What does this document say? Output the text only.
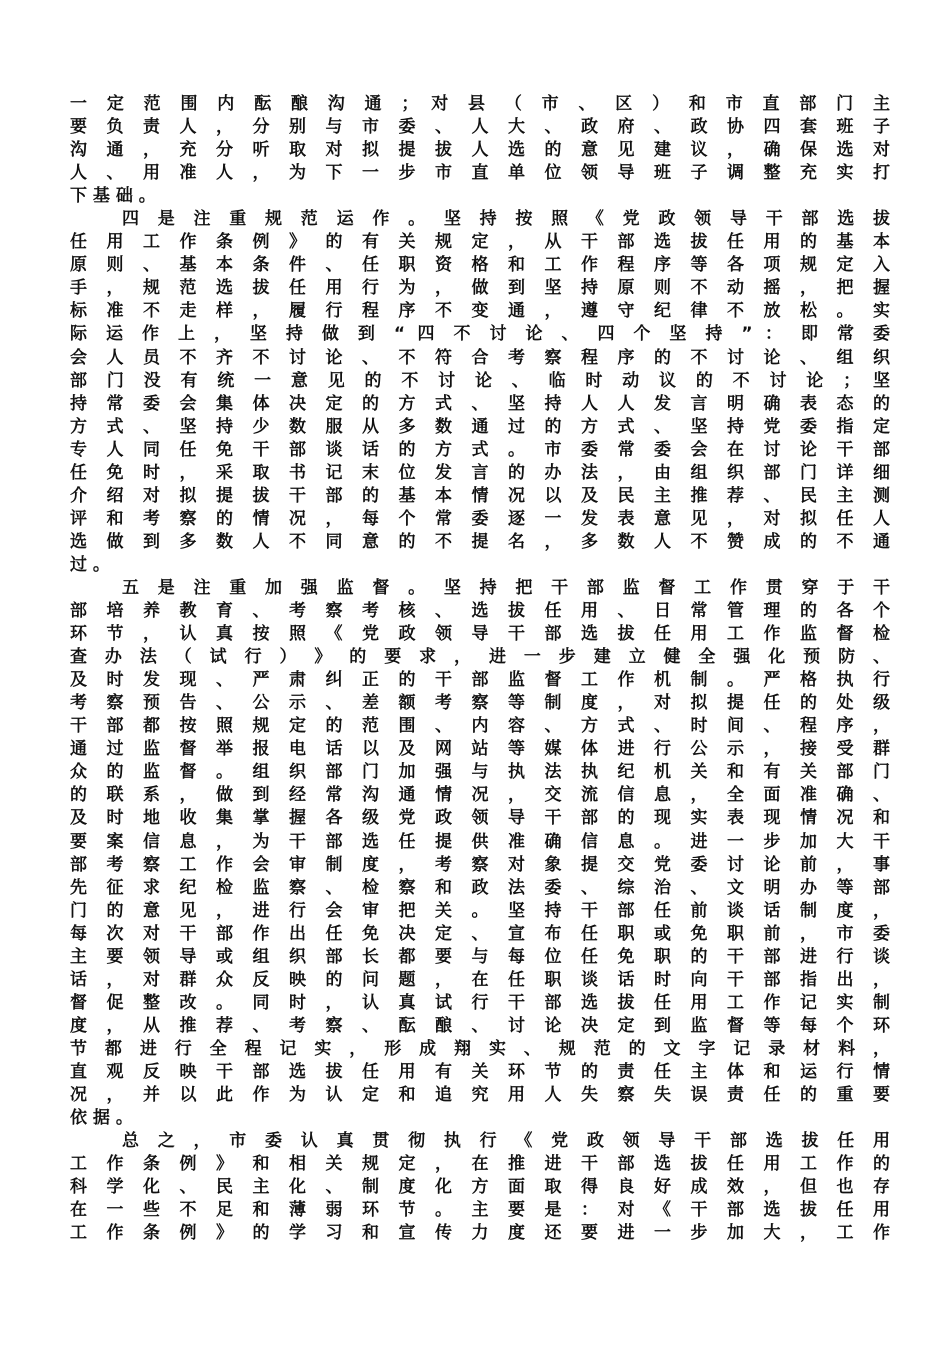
一 定 范 围 内 酝 酿 沟 通 ； 对 县 （ 市 、 区 ） 和 市 直 部 门 主
要 负 责 人 ， 分 别 与 市 委 、 人 大 、 政 府 、 政 协 四 套 班 子
沟 通 ， 充 分 听 取 对 拟 提 拔 人 选 的 意 见 建 议 ， 确 保 选 对
人 、 用 准 人 ， 为 下 一 步 市 直 单 位 领 导 班 子 调 整 充 实 打
下 基 础 。
四 是 注 重 规 范 运 作 。 坚 持 按 照 《 党 政 领 导 干 部 选 拔
任 用 工 作 条 例 》 的 有 关 规 定 ， 从 干 部 选 拔 任 用 的 基 本
原 则 、 基 本 条 件 、 任 职 资 格 和 工 作 程 序 等 各 项 规 定 入
手 ， 规 范 选 拔 任 用 行 为 ， 做 到 坚 持 原 则 不 动 摇 ， 把 握
标 准 不 走 样 ， 履 行 程 序 不 变 通 ， 遵 守 纪 律 不 放 松 。 实
际 运 作 上 ， 坚 持 做 到 “ 四 不 讨 论 、 四 个 坚 持 ” ： 即 常 委
会 人 员 不 齐 不 讨 论 、 不 符 合 考 察 程 序 的 不 讨 论 、 组 织
部 门 没 有 统 一 意 见 的 不 讨 论 、 临 时 动 议 的 不 讨 论 ； 坚
持 常 委 会 集 体 决 定 的 方 式 、 坚 持 人 人 发 言 明 确 表 态 的
方 式 、 坚 持 少 数 服 从 多 数 通 过 的 方 式 、 坚 持 党 委 指 定
专 人 同 任 免 干 部 谈 话 的 方 式 。 市 委 常 委 会 在 讨 论 干 部
任 免 时 ， 采 取 书 记 末 位 发 言 的 办 法 ， 由 组 织 部 门 详 细
介 绍 对 拟 提 拔 干 部 的 基 本 情 况 以 及 民 主 推 荐 、 民 主 测
评 和 考 察 的 情 况 ， 每 个 常 委 逐 一 发 表 意 见 ， 对 拟 任 人
选 做 到 多 数 人 不 同 意 的 不 提 名 ， 多 数 人 不 赞 成 的 不 通
过 。
五 是 注 重 加 强 监 督 。 坚 持 把 干 部 监 督 工 作 贯 穿 于 干
部 培 养 教 育 、 考 察 考 核 、 选 拔 任 用 、 日 常 管 理 的 各 个
环 节 ， 认 真 按 照 《 党 政 领 导 干 部 选 拔 任 用 工 作 监 督 检
查 办 法 （ 试 行 ） 》 的 要 求 ， 进 一 步 建 立 健 全 强 化 预 防 、
及 时 发 现 、 严 肃 纠 正 的 干 部 监 督 工 作 机 制 。 严 格 执 行
考 察 预 告 、 公 示 、 差 额 考 察 等 制 度 ， 对 拟 提 任 的 处 级
干 部 都 按 照 规 定 的 范 围 、 内 容 、 方 式 、 时 间 、 程 序 ，
通 过 监 督 举 报 电 话 以 及 网 站 等 媒 体 进 行 公 示 ， 接 受 群
众 的 监 督 。 组 织 部 门 加 强 与 执 法 执 纪 机 关 和 有 关 部 门
的 联 系 ， 做 到 经 常 沟 通 情 况 ， 交 流 信 息 ， 全 面 准 确 、
及 时 地 收 集 掌 握 各 级 党 政 领 导 干 部 的 现 实 表 现 情 况 和
要 案 信 息 ， 为 干 部 选 任 提 供 准 确 信 息 。 进 一 步 加 大 干
部 考 察 工 作 会 审 制 度 ， 考 察 对 象 提 交 党 委 讨 论 前 ， 事
先 征 求 纪 检 监 察 、 检 察 和 政 法 委 、 综 治 、 文 明 办 等 部
门 的 意 见 ， 进 行 会 审 把 关 。 坚 持 干 部 任 前 谈 话 制 度 ，
每 次 对 干 部 作 出 任 免 决 定 、 宣 布 任 职 或 免 职 前 ， 市 委
主 要 领 导 或 组 织 部 长 都 要 与 每 位 任 免 职 的 干 部 进 行 谈
话 ， 对 群 众 反 映 的 问 题 ， 在 任 职 谈 话 时 向 干 部 指 出 ，
督 促 整 改 。 同 时 ， 认 真 试 行 干 部 选 拔 任 用 工 作 记 实 制
度 ， 从 推 荐 、 考 察 、 酝 酿 、 讨 论 决 定 到 监 督 等 每 个 环
节 都 进 行 全 程 记 实 ， 形 成 翔 实 、 规 范 的 文 字 记 录 材 料 ，
直 观 反 映 干 部 选 拔 任 用 有 关 环 节 的 责 任 主 体 和 运 行 情
况 ， 并 以 此 作 为 认 定 和 追 究 用 人 失 察 失 误 责 任 的 重 要
依 据 。
总 之 ， 市 委 认 真 贯 彻 执 行 《 党 政 领 导 干 部 选 拔 任 用
工 作 条 例 》 和 相 关 规 定 ， 在 推 进 干 部 选 拔 任 用 工 作 的
科 学 化 、 民 主 化 、 制 度 化 方 面 取 得 良 好 成 效 ， 但 也 存
在 一 些 不 足 和 薄 弱 环 节 。 主 要 是 ： 对 《 干 部 选 拔 任 用
工 作 条 例 》 的 学 习 和 宣 传 力 度 还 要 进 一 步 加 大 ， 工 作
